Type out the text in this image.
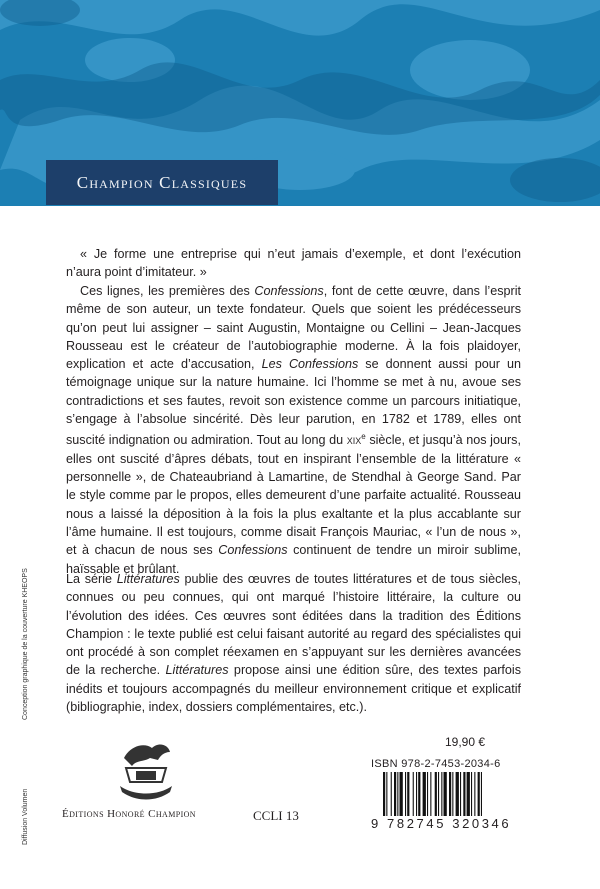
Champion Classiques

« Je forme une entreprise qui n’eut jamais d’exemple, et dont l’exécution n’aura point d’imitateur. »

Ces lignes, les premières des Confessions, font de cette œuvre, dans l’esprit même de son auteur, un texte fondateur. Quels que soient les prédécesseurs qu’on peut lui assigner – saint Augustin, Montaigne ou Cellini – Jean-Jacques Rousseau est le créateur de l’autobiographie moderne. À la fois plaidoyer, explication et acte d’accusation, Les Confessions se donnent aussi pour un témoignage unique sur la nature humaine. Ici l’homme se met à nu, avoue ses contradictions et ses fautes, revoit son existence comme un parcours initiatique, s’engage à l’absolue sincérité. Dès leur parution, en 1782 et 1789, elles ont suscité indignation ou admiration. Tout au long du xix$^e$ siècle, et jusqu’à nos jours, elles ont suscité d’âpres débats, tout en inspirant l’ensemble de la littérature « personnelle », de Chateaubriand à Lamartine, de Stendhal à George Sand. Par le style comme par le propos, elles demeurent d’une parfaite actualité. Rousseau nous a laissé la déposition à la fois la plus exaltante et la plus accablante sur l’âme humaine. Il est toujours, comme disait François Mauriac, « l’un de nous », et à chacun de nous ses Confessions continuent de tendre un miroir sublime, haïssable et brûlant.

La série Littératures publie des œuvres de toutes littératures et de tous siècles, connues ou peu connues, qui ont marqué l’histoire littéraire, la culture ou l’évolution des idées. Ces œuvres sont éditées dans la tradition des Éditions Champion : le texte publié est celui faisant autorité au regard des spécialistes qui ont procédé à son complet réexamen en s’appuyant sur les dernières avancées de la recherche. Littératures propose ainsi une édition sûre, des textes parfois inédits et toujours accompagnés du meilleur environnement critique et explicatif (bibliographie, index, dossiers complémentaires, etc.).

Conception graphique de la couverture KHEOPS
Diffusion Volumen	Éditions Honoré Champion	CCLI 13
19,90 €
ISBN 978-2-7453-2034-6
9 782745 320346
